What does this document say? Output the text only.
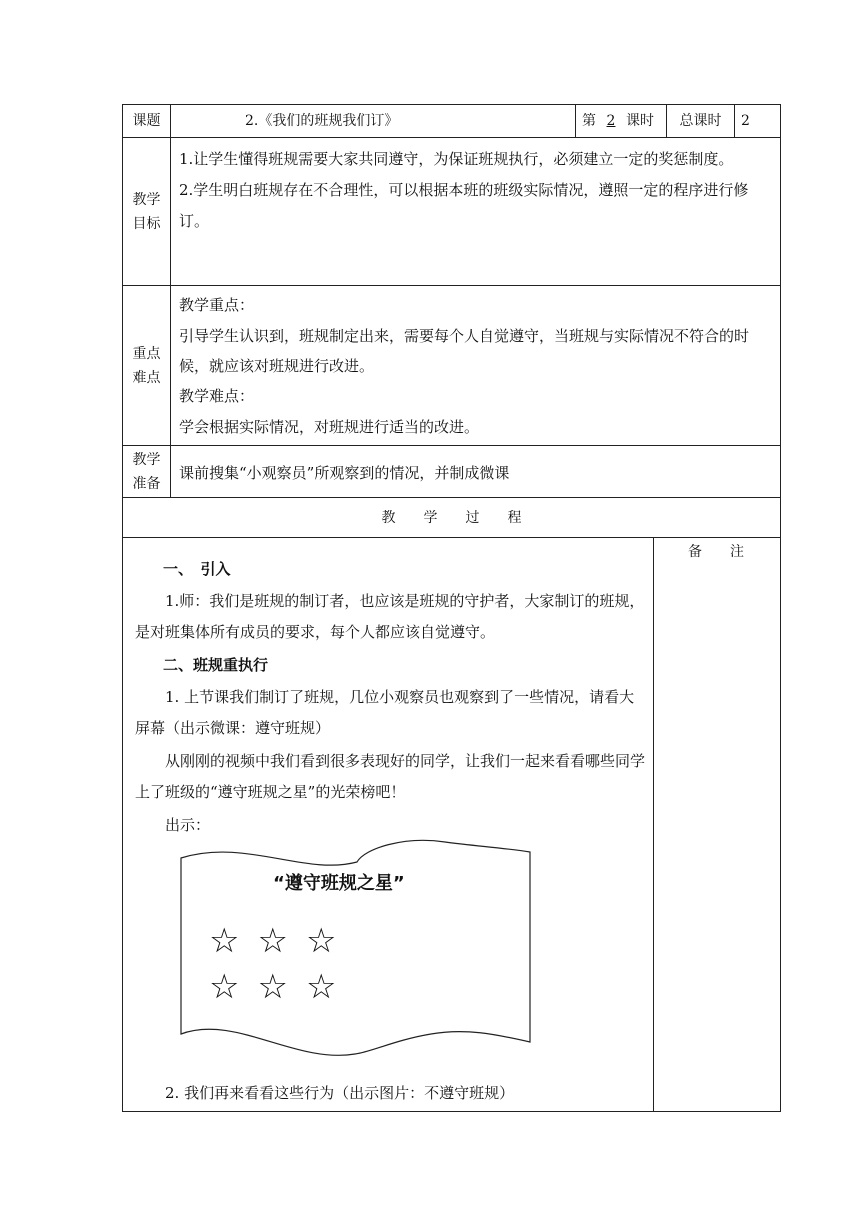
课题	2.《我们的班规我们订》	第 2 课时 总课时 2
教学
目标

1.让学生懂得班规需要大家共同遵守，为保证班规执行，必须建立一定的奖惩制度。

2.学生明白班规存在不合理性，可以根据本班的班级实际情况，遵照一定的程序进行修订。

重点
难点

教学重点：

引导学生认识到，班规制定出来，需要每个人自觉遵守，当班规与实际情况不符合的时候，就应该对班规进行改进。

教学难点：

学会根据实际情况，对班规进行适当的改进。

教学
准备
课前搜集“小观察员”所观察到的情况，并制成微课
教　　学　　过　　程
一、　引入
1.师：我们是班规的制订者，也应该是班规的守护者，大家制订的班规，是对班集体所有成员的要求，每个人都应该自觉遵守。
二、班规重执行
1. 上节课我们制订了班规，几位小观察员也观察到了一些情况，请看大屏幕（出示微课：遵守班规）
从刚刚的视频中我们看到很多表现好的同学，让我们一起来看看哪些同学上了班级的“遵守班规之星”的光荣榜吧！
出示：
“遵守班规之星”
☆☆☆
☆☆☆
2. 我们再来看看这些行为（出示图片：不遵守班规）
备　　注
